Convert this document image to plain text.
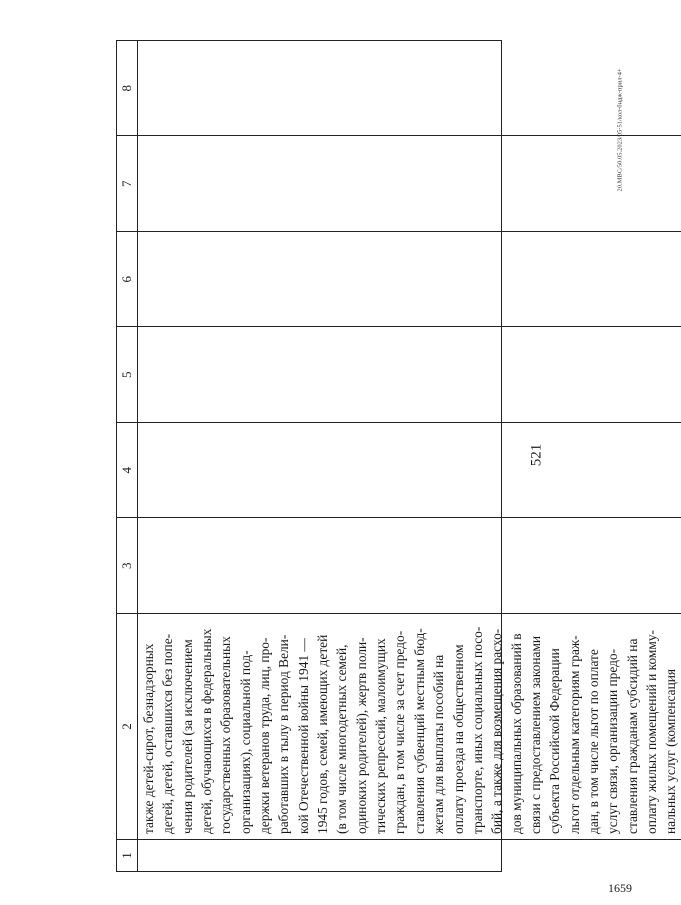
521
20.МВС/50.05.2023/05-51/кол-бндж-прил-4+
1659
1
2
3
4
5
6
7
8
также детей-сирот, безнадзорных
детей, детей, оставшихся без попе-
чения родителей (за исключением
детей, обучающихся в федеральных
государственных образовательных
организациях), социальной под-
держки ветеранов труда, лиц, про-
работавших в тылу в период Вели-
кой Отечественной войны 1941 —
1945 годов, семей, имеющих детей
(в том числе многодетных семей,
одиноких родителей), жертв поли-
тических репрессий, малоимущих
граждан, в том числе за счет предо-
ставления субвенций местным бюд-
жетам для выплаты пособий на
оплату проезда на общественном
транспорте, иных социальных посо-
бий, а также для возмещения расхо-
дов муниципальных образований в
связи с предоставлением законами
субъекта Российской Федерации
льгот отдельным категориям граж-
дан, в том числе льгот по оплате
услуг связи, организации предо-
ставления гражданам субсидий на
оплату жилых помещений и комму-
нальных услуг (компенсация
